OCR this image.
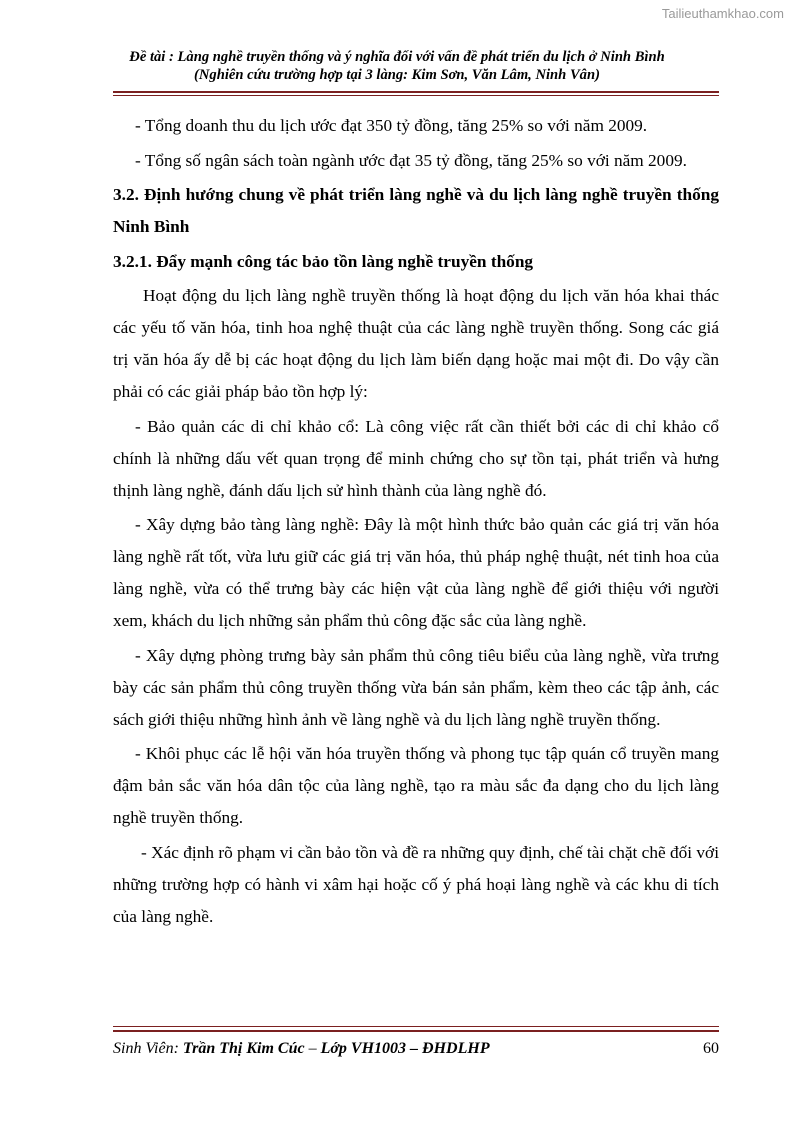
Tailieuthamkhao.com
Đề tài : Làng nghề truyền thống và ý nghĩa đối với vấn đề phát triển du lịch ở Ninh Bình
(Nghiên cứu trường hợp tại 3 làng: Kim Sơn, Văn Lâm, Ninh Vân)

- Tổng doanh thu du lịch ước đạt 350 tỷ đồng, tăng 25% so với năm 2009.

- Tổng số ngân sách toàn ngành ước đạt 35 tỷ đồng, tăng 25% so với năm 2009.

3.2. Định hướng chung về phát triển làng nghề và du lịch làng nghề truyền thống Ninh Bình

3.2.1. Đẩy mạnh công tác bảo tồn làng nghề truyền thống

Hoạt động du lịch làng nghề truyền thống là hoạt động du lịch văn hóa khai thác các yếu tố văn hóa, tinh hoa nghệ thuật của các làng nghề truyền thống. Song các giá trị văn hóa ấy dễ bị các hoạt động du lịch làm biến dạng hoặc mai một đi. Do vậy cần phải có các giải pháp bảo tồn hợp lý:

- Bảo quản các di chỉ khảo cổ: Là công việc rất cần thiết bởi các di chỉ khảo cổ chính là những dấu vết quan trọng để minh chứng cho sự tồn tại, phát triển và hưng thịnh làng nghề, đánh dấu lịch sử hình thành của làng nghề đó.

- Xây dựng bảo tàng làng nghề: Đây là một hình thức bảo quản các giá trị văn hóa làng nghề rất tốt, vừa lưu giữ các giá trị văn hóa, thủ pháp nghệ thuật, nét tinh hoa của làng nghề, vừa có thể trưng bày các hiện vật của làng nghề để giới thiệu với người xem, khách du lịch những sản phẩm thủ công đặc sắc của làng nghề.

- Xây dựng phòng trưng bày sản phẩm thủ công tiêu biểu của làng nghề, vừa trưng bày các sản phẩm thủ công truyền thống vừa bán sản phẩm, kèm theo các tập ảnh, các sách giới thiệu những hình ảnh về làng nghề và du lịch làng nghề truyền thống.

- Khôi phục các lễ hội văn hóa truyền thống và phong tục tập quán cổ truyền mang đậm bản sắc văn hóa dân tộc của làng nghề, tạo ra màu sắc đa dạng cho du lịch làng nghề truyền thống.

- Xác định rõ phạm vi cần bảo tồn và đề ra những quy định, chế tài chặt chẽ đối với những trường hợp có hành vi xâm hại hoặc cố ý phá hoại làng nghề và các khu di tích của làng nghề.

Sinh Viên: Trần Thị Kim Cúc – Lớp VH1003 – ĐHDLHP	60
